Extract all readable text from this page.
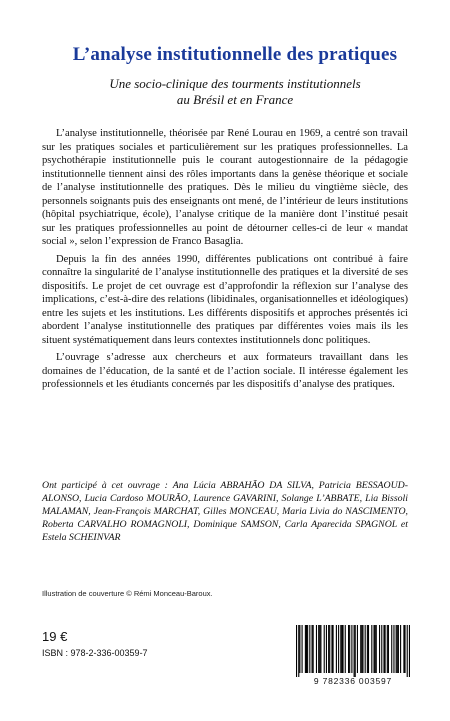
L’analyse institutionnelle des pratiques
Une socio-clinique des tourments institutionnels
au Brésil et en France

L’analyse institutionnelle, théorisée par René Lourau en 1969, a centré son travail sur les pratiques sociales et particulièrement sur les pratiques professionnelles. La psychothérapie institutionnelle puis le courant autogestionnaire de la pédagogie institutionnelle tiennent ainsi des rôles importants dans la genèse théorique et sociale de l’analyse institutionnelle des pratiques. Dès le milieu du vingtième siècle, des personnels soignants puis des enseignants ont mené, de l’intérieur de leurs institutions (hôpital psychiatrique, école), l’analyse critique de la manière dont l’institué pesait sur les pratiques professionnelles au point de détourner celles-ci de leur « mandat social », selon l’expression de Franco Basaglia.

Depuis la fin des années 1990, différentes publications ont contribué à faire connaître la singularité de l’analyse institutionnelle des pratiques et la diversité de ses dispositifs. Le projet de cet ouvrage est d’approfondir la réflexion sur l’analyse des implications, c’est-à-dire des relations (libidinales, organisationnelles et idéologiques) entre les sujets et les institutions. Les différents dispositifs et approches présentés ici abordent l’analyse institutionnelle des pratiques par différentes voies mais ils les situent systématiquement dans leurs contextes institutionnels donc politiques.

L’ouvrage s’adresse aux chercheurs et aux formateurs travaillant dans les domaines de l’éducation, de la santé et de l’action sociale. Il intéresse également les professionnels et les étudiants concernés par les dispositifs d’analyse des pratiques.

Ont participé à cet ouvrage : Ana Lúcia ABRAHÃO DA SILVA, Patricia BESSAOUD-ALONSO, Lucia Cardoso MOURÃO, Laurence GAVARINI, Solange L’ABBATE, Lia Bissoli MALAMAN, Jean-François MARCHAT, Gilles MONCEAU, Maria Livia do NASCIMENTO, Roberta CARVALHO ROMAGNOLI, Dominique SAMSON, Carla Aparecida SPAGNOL et Estela SCHEINVAR
Illustration de couverture © Rémi Monceau-Baroux.
19 €
ISBN : 978-2-336-00359-7
9 782336 003597
